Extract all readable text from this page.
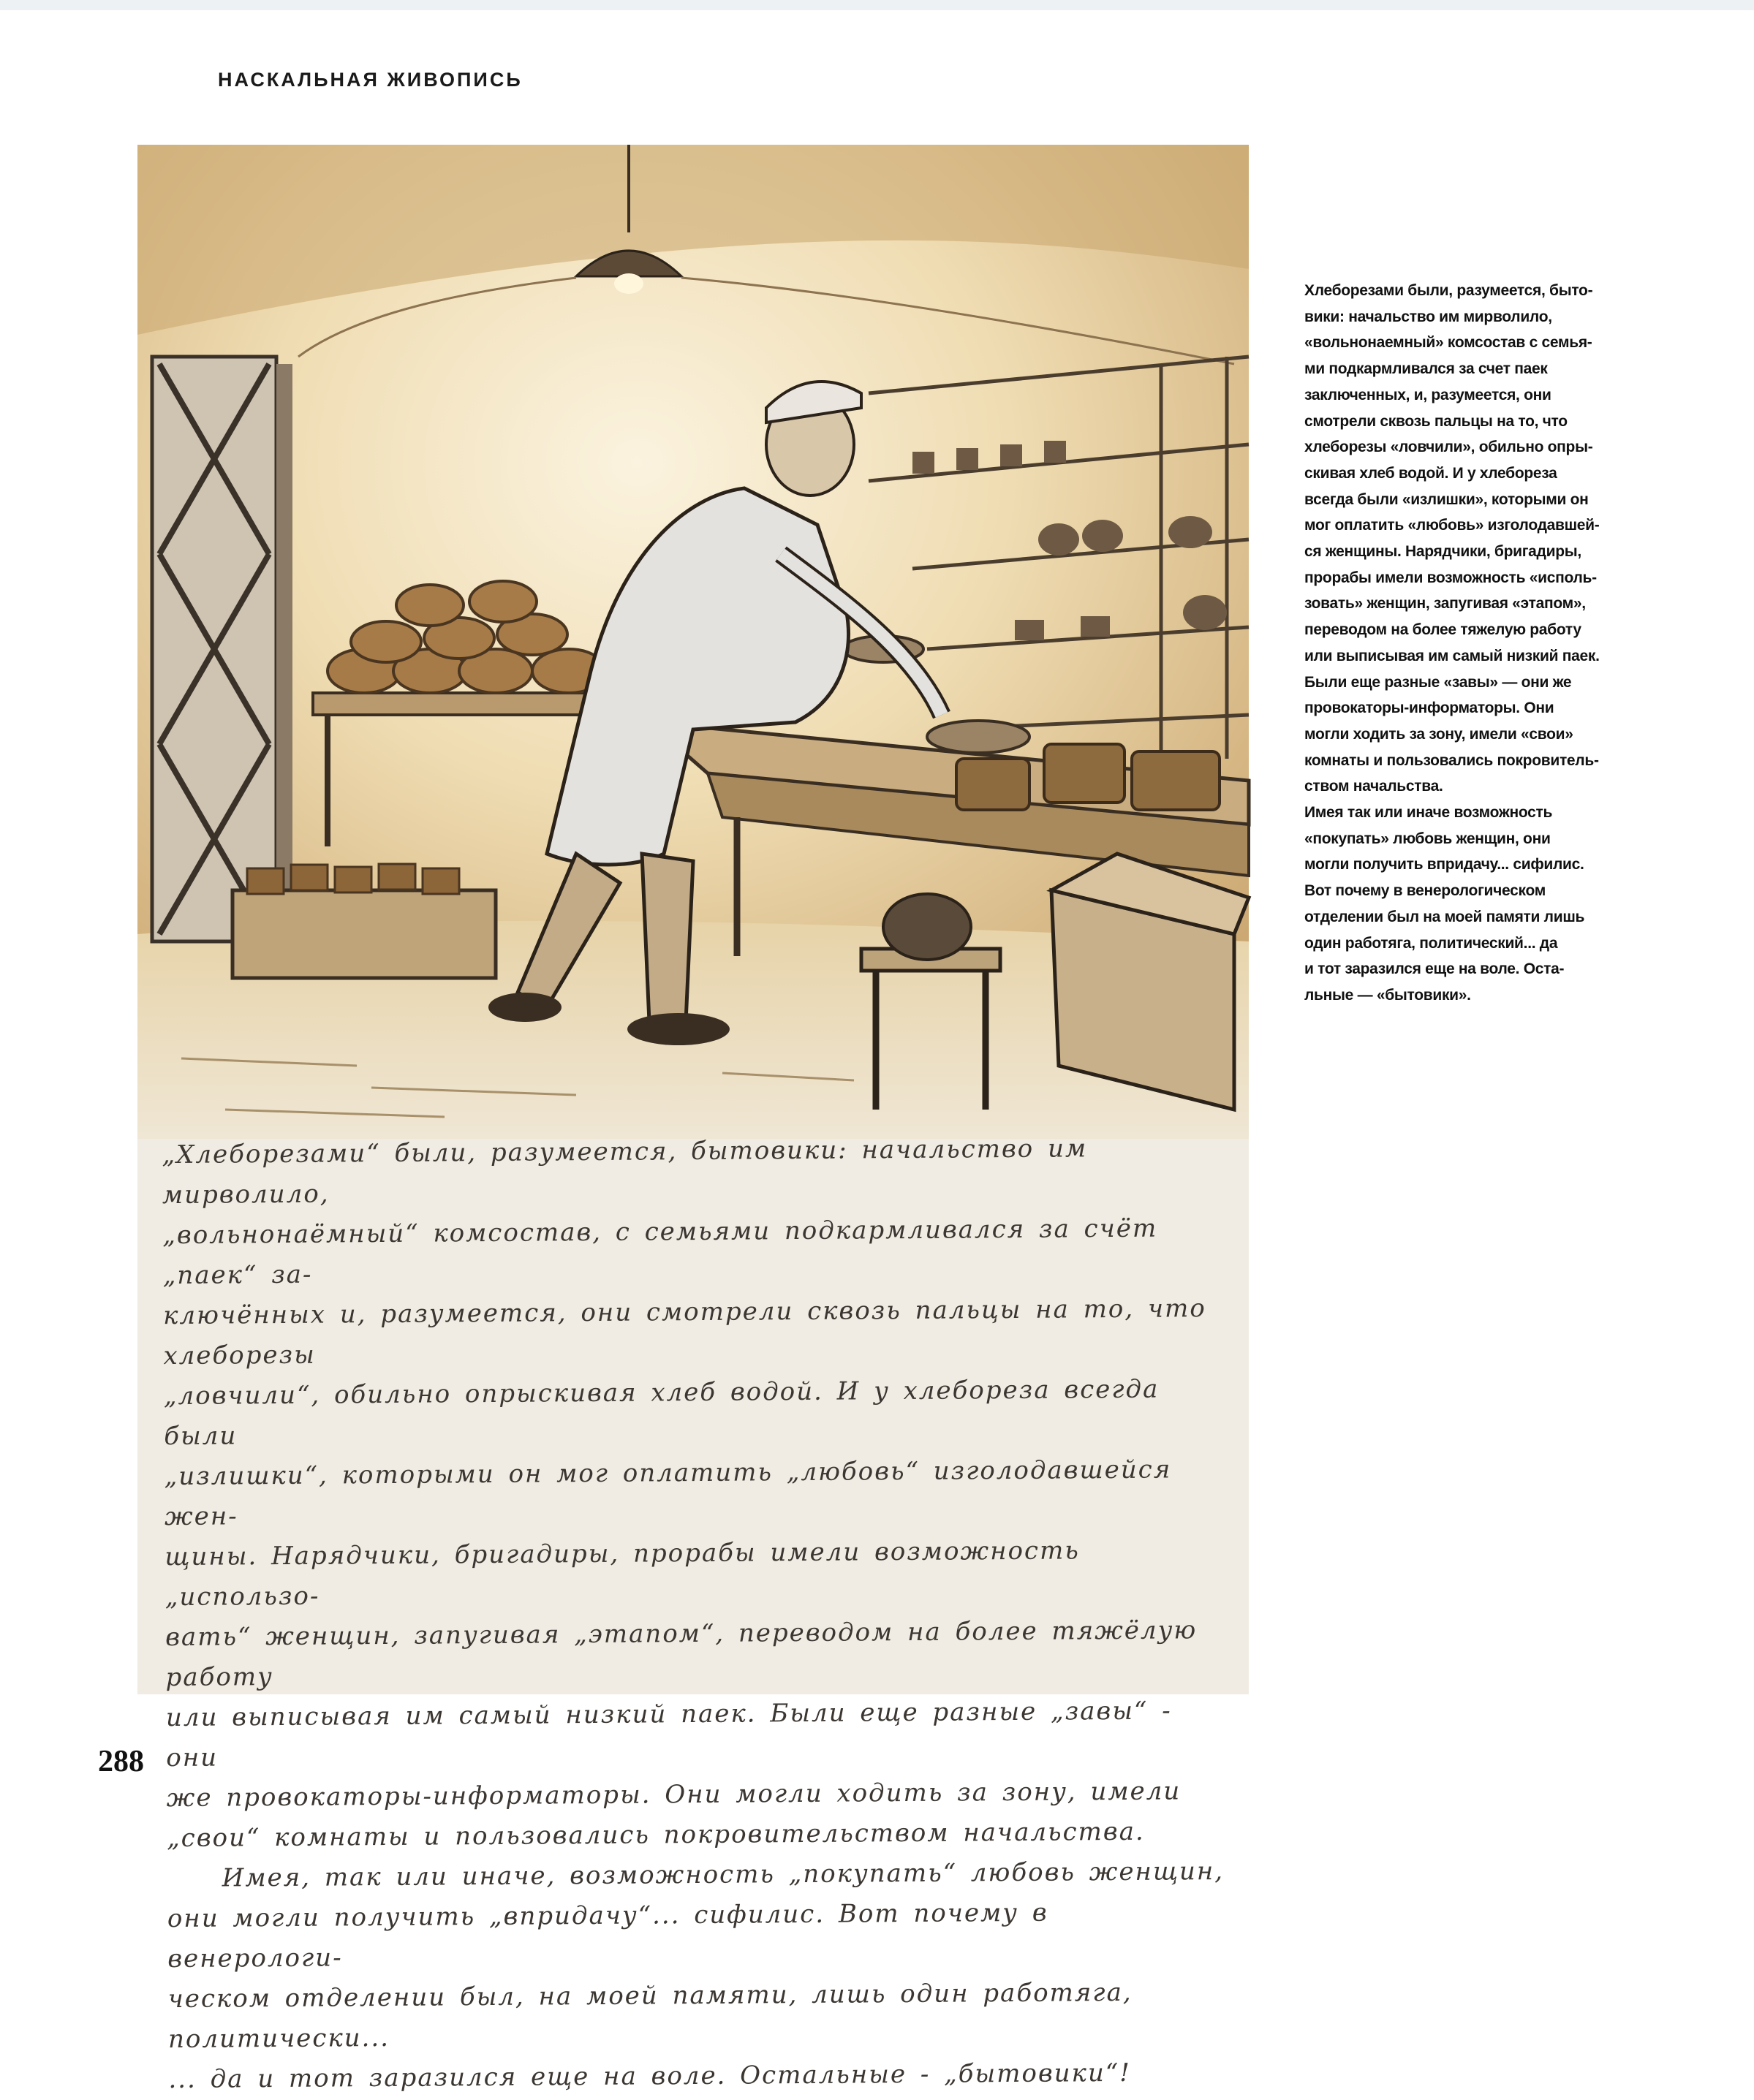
НАСКАЛЬНАЯ ЖИВОПИСЬ
„Хлеборезами“ были, разумеется, бытовики: начальство им мирволило,
„вольнонаёмный“ комсостав, с семьями подкармливался за счёт „паек“ за-
ключённых и, разумеется, они смотрели сквозь пальцы на то, что хлеборезы
„ловчили“, обильно опрыскивая хлеб водой. И у хлебореза всегда были
„излишки“, которыми он мог оплатить „любовь“ изголодавшейся жен-
щины. Нарядчики, бригадиры, прорабы имели возможность „использо-
вать“ женщин, запугивая „этапом“, переводом на более тяжёлую работу
или выписывая им самый низкий паек. Были еще разные „завы“ - они
же провокаторы-информаторы. Они могли ходить за зону, имели
„свои“ комнаты и пользовались покровительством начальства.
Имея, так или иначе, возможность „покупать“ любовь женщин,
они могли получить „впридачу“... сифилис. Вот почему в венерологи-
ческом отделении был, на моей памяти, лишь один работяга, политически...
... да и тот заразился еще на воле. Остальные - „бытовики“!

Хлеборезами были, разумеется, быто-

вики: начальство им мирволило,

«вольнонаемный» комсостав с семья-

ми подкармливался за счет паек

заключенных, и, разумеется, они

смотрели сквозь пальцы на то, что

хлеборезы «ловчили», обильно опры-

скивая хлеб водой. И у хлебореза

всегда были «излишки», которыми он

мог оплатить «любовь» изголодавшей-

ся женщины. Нарядчики, бригадиры,

прорабы имели возможность «исполь-

зовать» женщин, запугивая «этапом»,

переводом на более тяжелую работу

или выписывая им самый низкий паек.

Были еще разные «завы» — они же

провокаторы-информаторы. Они

могли ходить за зону, имели «свои»

комнаты и пользовались покровитель-

ством начальства.

Имея так или иначе возможность

«покупать» любовь женщин, они

могли получить впридачу... сифилис.

Вот почему в венерологическом

отделении был на моей памяти лишь

один работяга, политический... да

и тот заразился еще на воле. Оста-

льные — «бытовики».

288
